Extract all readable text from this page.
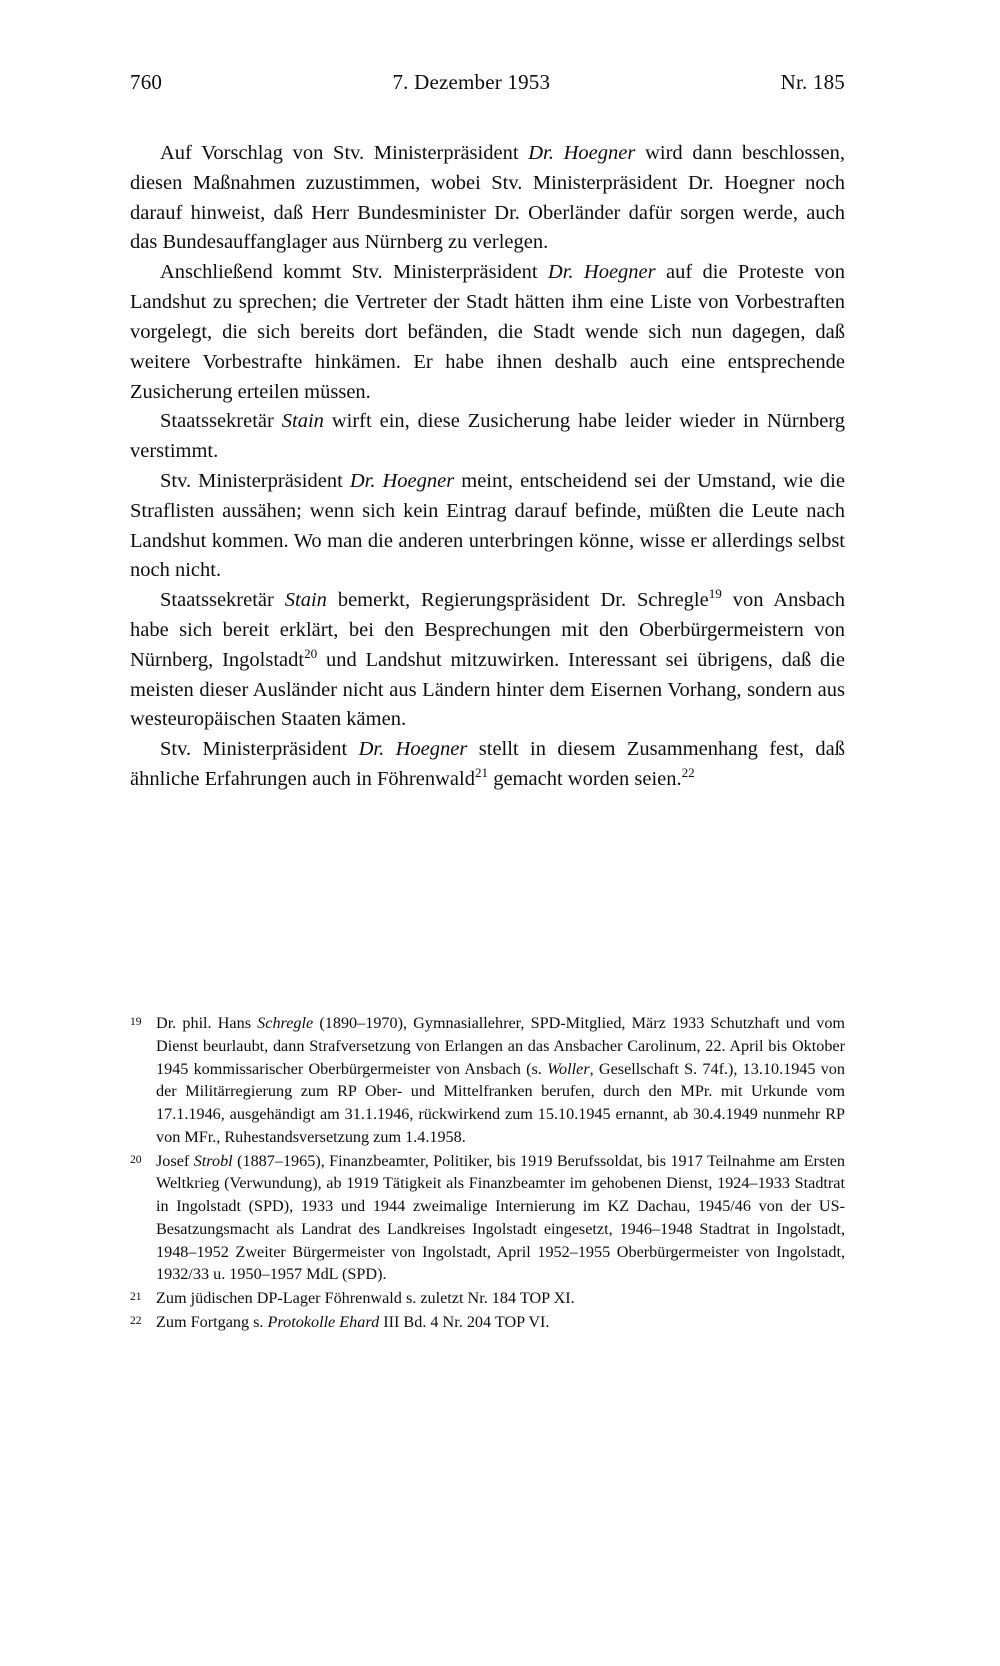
760	7. Dezember 1953	Nr. 185

Auf Vorschlag von Stv. Ministerpräsident Dr. Hoegner wird dann beschlossen, diesen Maßnahmen zuzustimmen, wobei Stv. Ministerpräsident Dr. Hoegner noch darauf hinweist, daß Herr Bundesminister Dr. Oberländer dafür sorgen werde, auch das Bundesauffanglager aus Nürnberg zu verlegen.

Anschließend kommt Stv. Ministerpräsident Dr. Hoegner auf die Proteste von Landshut zu sprechen; die Vertreter der Stadt hätten ihm eine Liste von Vorbestraften vorgelegt, die sich bereits dort befänden, die Stadt wende sich nun dagegen, daß weitere Vorbestrafte hinkämen. Er habe ihnen deshalb auch eine entsprechende Zusicherung erteilen müssen.

Staatssekretär Stain wirft ein, diese Zusicherung habe leider wieder in Nürnberg verstimmt.

Stv. Ministerpräsident Dr. Hoegner meint, entscheidend sei der Umstand, wie die Straflisten aussähen; wenn sich kein Eintrag darauf befinde, müßten die Leute nach Landshut kommen. Wo man die anderen unterbringen könne, wisse er allerdings selbst noch nicht.

Staatssekretär Stain bemerkt, Regierungspräsident Dr. Schregle$^{19}$ von Ansbach habe sich bereit erklärt, bei den Besprechungen mit den Oberbürgermeistern von Nürnberg, Ingolstadt$^{20}$ und Landshut mitzuwirken. Interessant sei übrigens, daß die meisten dieser Ausländer nicht aus Ländern hinter dem Eisernen Vorhang, sondern aus westeuropäischen Staaten kämen.

Stv. Ministerpräsident Dr. Hoegner stellt in diesem Zusammenhang fest, daß ähnliche Erfahrungen auch in Föhrenwald$^{21}$ gemacht worden seien.$^{22}$

19 Dr. phil. Hans Schregle (1890–1970), Gymnasiallehrer, SPD-Mitglied, März 1933 Schutzhaft und vom Dienst beurlaubt, dann Strafversetzung von Erlangen an das Ansbacher Carolinum, 22. April bis Oktober 1945 kommissarischer Oberbürgermeister von Ansbach (s. Woller, Gesellschaft S. 74f.), 13.10.1945 von der Militärregierung zum RP Ober- und Mittelfranken berufen, durch den MPr. mit Urkunde vom 17.1.1946, ausgehändigt am 31.1.1946, rückwirkend zum 15.10.1945 ernannt, ab 30.4.1949 nunmehr RP von MFr., Ruhestandsversetzung zum 1.4.1958.
20 Josef Strobl (1887–1965), Finanzbeamter, Politiker, bis 1919 Berufssoldat, bis 1917 Teilnahme am Ersten Weltkrieg (Verwundung), ab 1919 Tätigkeit als Finanzbeamter im gehobenen Dienst, 1924–1933 Stadtrat in Ingolstadt (SPD), 1933 und 1944 zweimalige Internierung im KZ Dachau, 1945/46 von der US-Besatzungsmacht als Landrat des Landkreises Ingolstadt eingesetzt, 1946–1948 Stadtrat in Ingolstadt, 1948–1952 Zweiter Bürgermeister von Ingolstadt, April 1952–1955 Oberbürgermeister von Ingolstadt, 1932/33 u. 1950–1957 MdL (SPD).
21 Zum jüdischen DP-Lager Föhrenwald s. zuletzt Nr. 184 TOP XI.
22 Zum Fortgang s. Protokolle Ehard III Bd. 4 Nr. 204 TOP VI.
